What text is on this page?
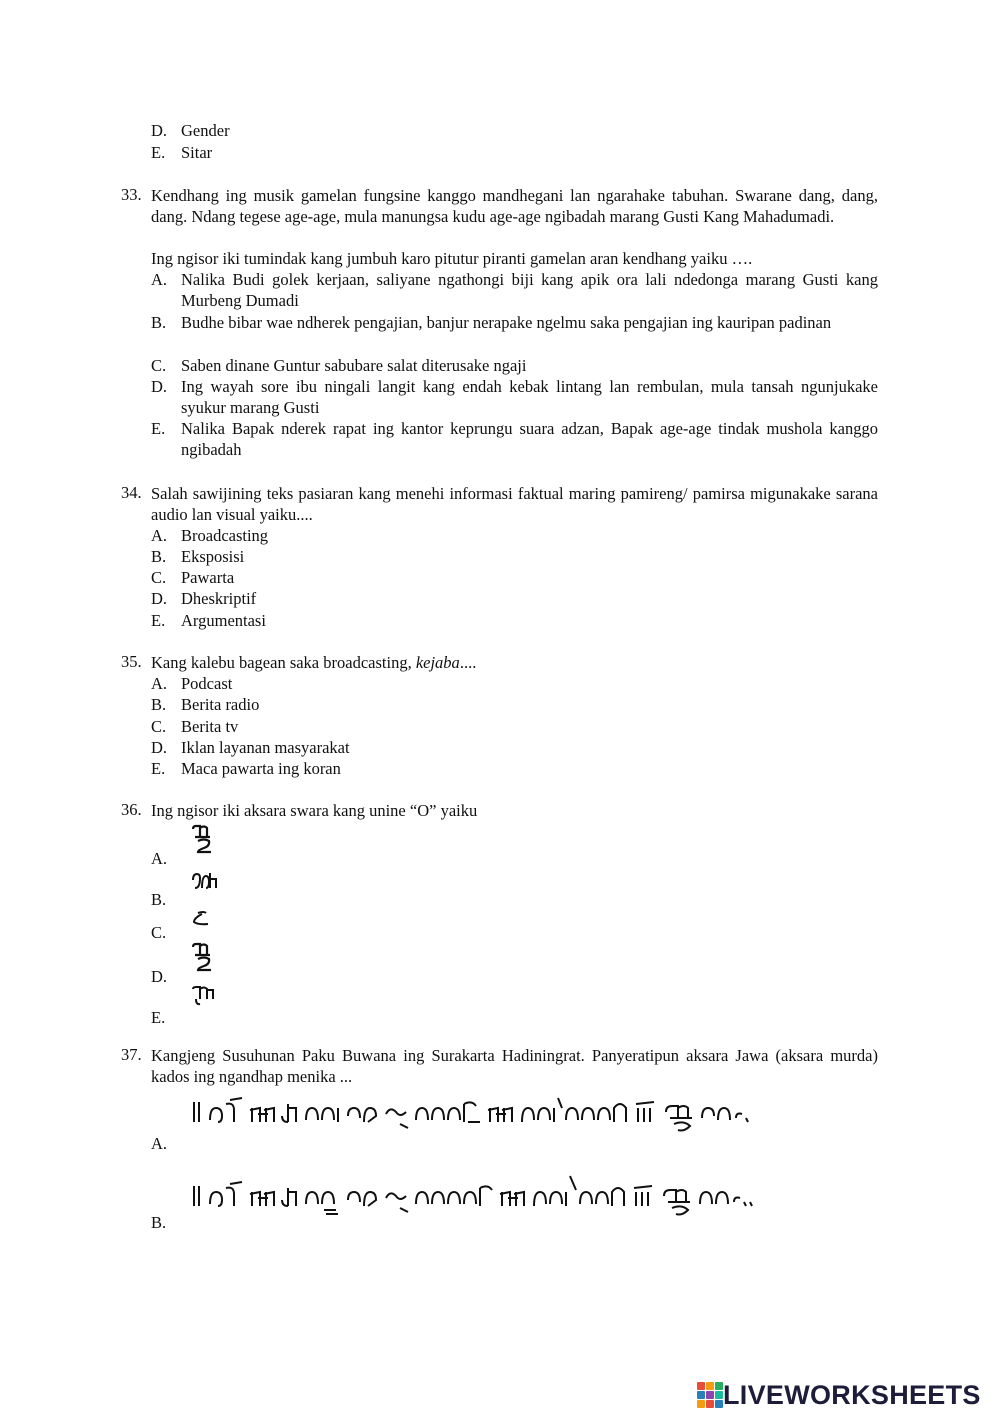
D. Gender
E. Sitar
33. Kendhang ing musik gamelan fungsine kanggo mandhegani lan ngarahake tabuhan. Swarane dang, dang, dang. Ndang tegese age-age, mula manungsa kudu age-age ngibadah marang Gusti Kang Mahadumadi.
Ing ngisor iki tumindak kang jumbuh karo pitutur piranti gamelan aran kendhang yaiku ….
A. Nalika Budi golek kerjaan, saliyane ngathongi biji kang apik ora lali ndedonga marang Gusti kang Murbeng Dumadi
B. Budhe bibar wae ndherek pengajian, banjur nerapake ngelmu saka pengajian ing kauripan padinan
C. Saben dinane Guntur sabubare salat diterusake ngaji
D. Ing wayah sore ibu ningali langit kang endah kebak lintang lan rembulan, mula tansah ngunjukake syukur marang Gusti
E. Nalika Bapak nderek rapat ing kantor keprungu suara adzan, Bapak age-age tindak mushola kanggo ngibadah
34. Salah sawijining teks pasiaran kang menehi informasi faktual maring pamireng/ pamirsa migunakake sarana audio lan visual yaiku....
A. Broadcasting
B. Eksposisi
C. Pawarta
D. Dheskriptif
E. Argumentasi
35. Kang kalebu bagean saka broadcasting, kejaba....
A. Podcast
B. Berita radio
C. Berita tv
D. Iklan layanan masyarakat
E. Maca pawarta ing koran
36. Ing ngisor iki aksara swara kang unine “O” yaiku
A.
B.
C.
D.
E.
37. Kangjeng Susuhunan Paku Buwana ing Surakarta Hadiningrat. Panyeratipun aksara Jawa (aksara murda) kados ing ngandhap menika ...
A.
B.
LIVEWORKSHEETS
